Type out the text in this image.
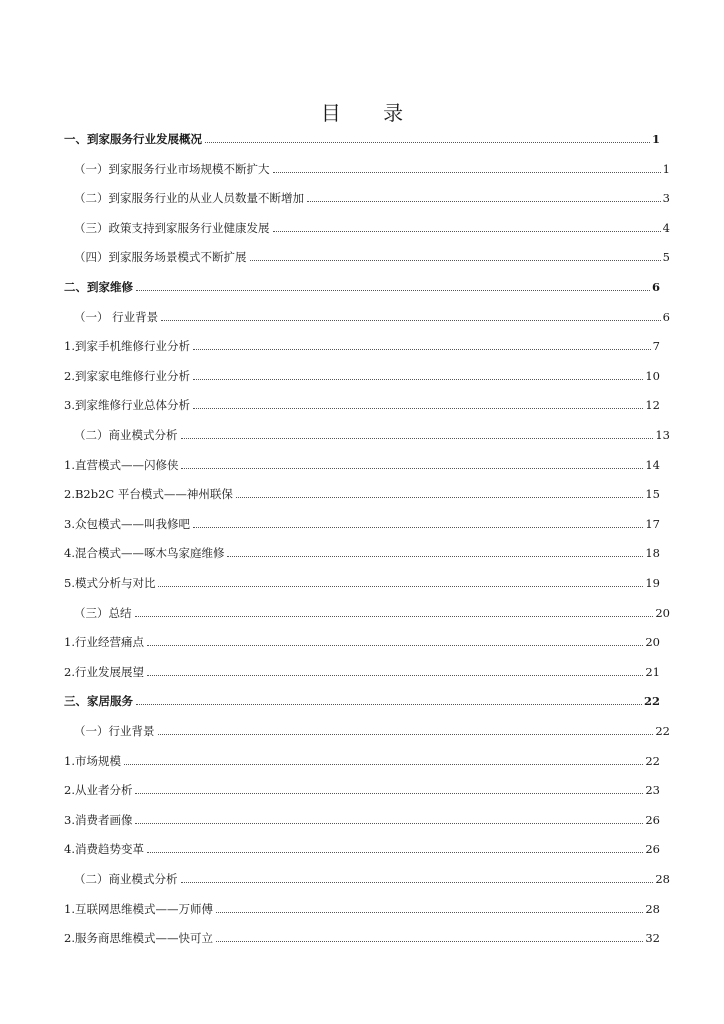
目 录
一、到家服务行业发展概况	1
（一）到家服务行业市场规模不断扩大	1
（二）到家服务行业的从业人员数量不断增加	3
（三）政策支持到家服务行业健康发展	4
（四）到家服务场景模式不断扩展	5
二、到家维修	6
（一） 行业背景	6
1.到家手机维修行业分析	7
2.到家家电维修行业分析	10
3.到家维修行业总体分析	12
（二）商业模式分析	13
1.直营模式——闪修侠	14
2.B2b2C 平台模式——神州联保	15
3.众包模式——叫我修吧	17
4.混合模式——啄木鸟家庭维修	18
5.模式分析与对比	19
（三）总结	20
1.行业经营痛点	20
2.行业发展展望	21
三、家居服务	22
（一）行业背景	22
1.市场规模	22
2.从业者分析	23
3.消费者画像	26
4.消费趋势变革	26
（二）商业模式分析	28
1.互联网思维模式——万师傅	28
2.服务商思维模式——快可立	32
